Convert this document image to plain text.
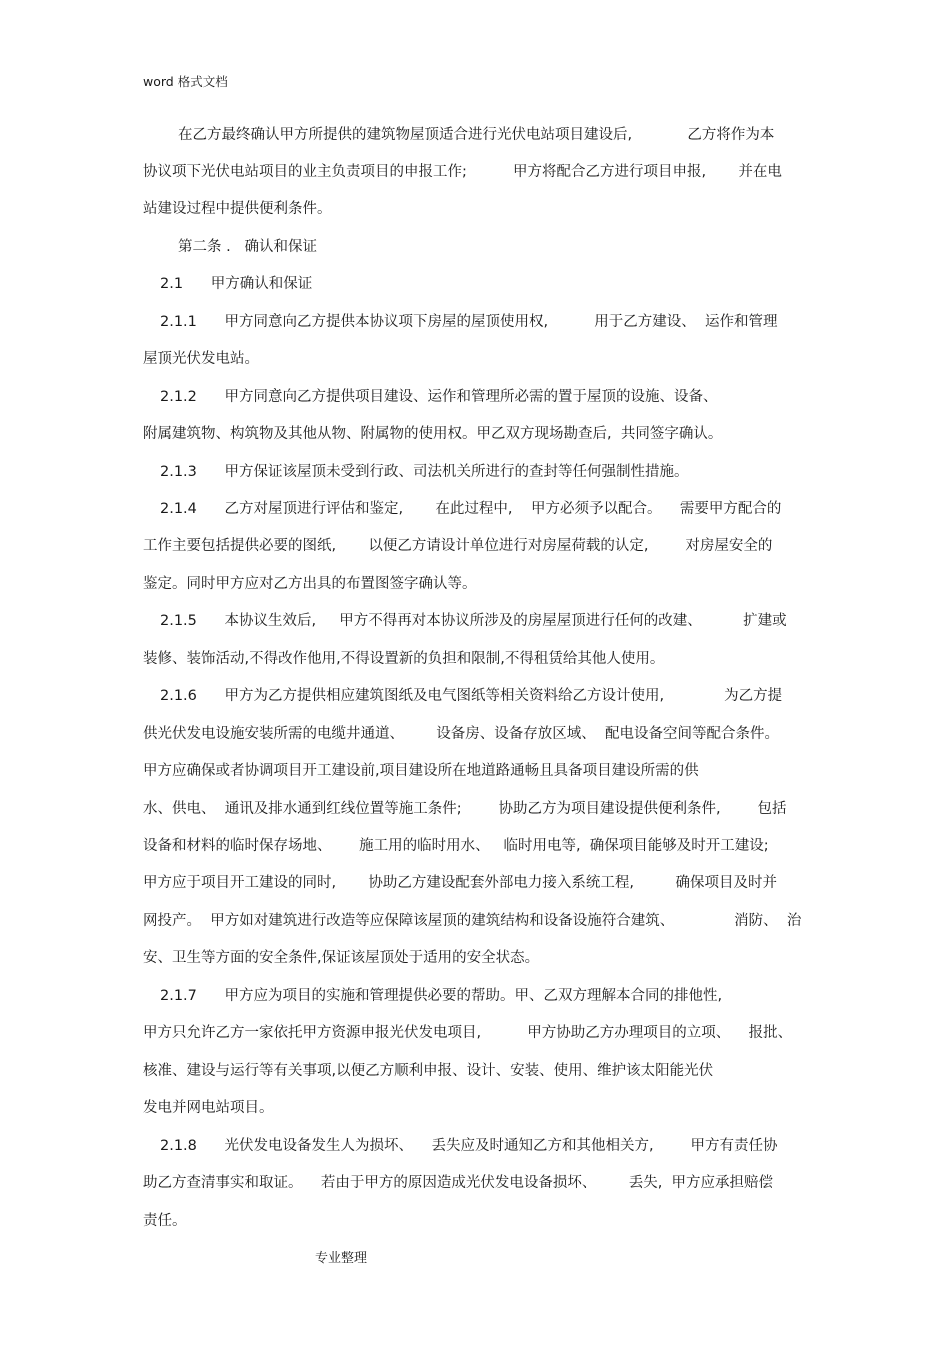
word 格式文档
在乙方最终确认甲方所提供的建筑物屋顶适合进行光伏电站项目建设后,            乙方将作为本
协议项下光伏电站项目的业主负责项目的申报工作;          甲方将配合乙方进行项目申报,       并在电
站建设过程中提供便利条件。
第二条 .   确认和保证
2.1      甲方确认和保证
2.1.1      甲方同意向乙方提供本协议项下房屋的屋顶使用权,          用于乙方建设、  运作和管理
屋顶光伏发电站。
2.1.2      甲方同意向乙方提供项目建设、运作和管理所必需的置于屋顶的设施、设备、
附属建筑物、构筑物及其他从物、附属物的使用权。甲乙双方现场勘查后,  共同签字确认。
2.1.3      甲方保证该屋顶未受到行政、司法机关所进行的查封等任何强制性措施。
2.1.4      乙方对屋顶进行评估和鉴定,       在此过程中,    甲方必须予以配合。    需要甲方配合的
工作主要包括提供必要的图纸,       以便乙方请设计单位进行对房屋荷载的认定,        对房屋安全的
鉴定。同时甲方应对乙方出具的布置图签字确认等。
2.1.5      本协议生效后,     甲方不得再对本协议所涉及的房屋屋顶进行任何的改建、         扩建或
装修、装饰活动,不得改作他用,不得设置新的负担和限制,不得租赁给其他人使用。
2.1.6      甲方为乙方提供相应建筑图纸及电气图纸等相关资料给乙方设计使用,             为乙方提
供光伏发电设施安装所需的电缆井通道、       设备房、设备存放区域、  配电设备空间等配合条件。
甲方应确保或者协调项目开工建设前,项目建设所在地道路通畅且具备项目建设所需的供
水、供电、  通讯及排水通到红线位置等施工条件;        协助乙方为项目建设提供便利条件,        包括
设备和材料的临时保存场地、      施工用的临时用水、   临时用电等,  确保项目能够及时开工建设;
甲方应于项目开工建设的同时,       协助乙方建设配套外部电力接入系统工程,         确保项目及时并
网投产。  甲方如对建筑进行改造等应保障该屋顶的建筑结构和设备设施符合建筑、             消防、  治
安、卫生等方面的安全条件,保证该屋顶处于适用的安全状态。
2.1.7      甲方应为项目的实施和管理提供必要的帮助。甲、乙双方理解本合同的排他性,
甲方只允许乙方一家依托甲方资源申报光伏发电项目,          甲方协助乙方办理项目的立项、    报批、
核准、建设与运行等有关事项,以便乙方顺利申报、设计、安装、使用、维护该太阳能光伏
发电并网电站项目。
2.1.8      光伏发电设备发生人为损坏、    丢失应及时通知乙方和其他相关方,        甲方有责任协
助乙方查清事实和取证。    若由于甲方的原因造成光伏发电设备损坏、       丢失,  甲方应承担赔偿
责任。
专业整理
